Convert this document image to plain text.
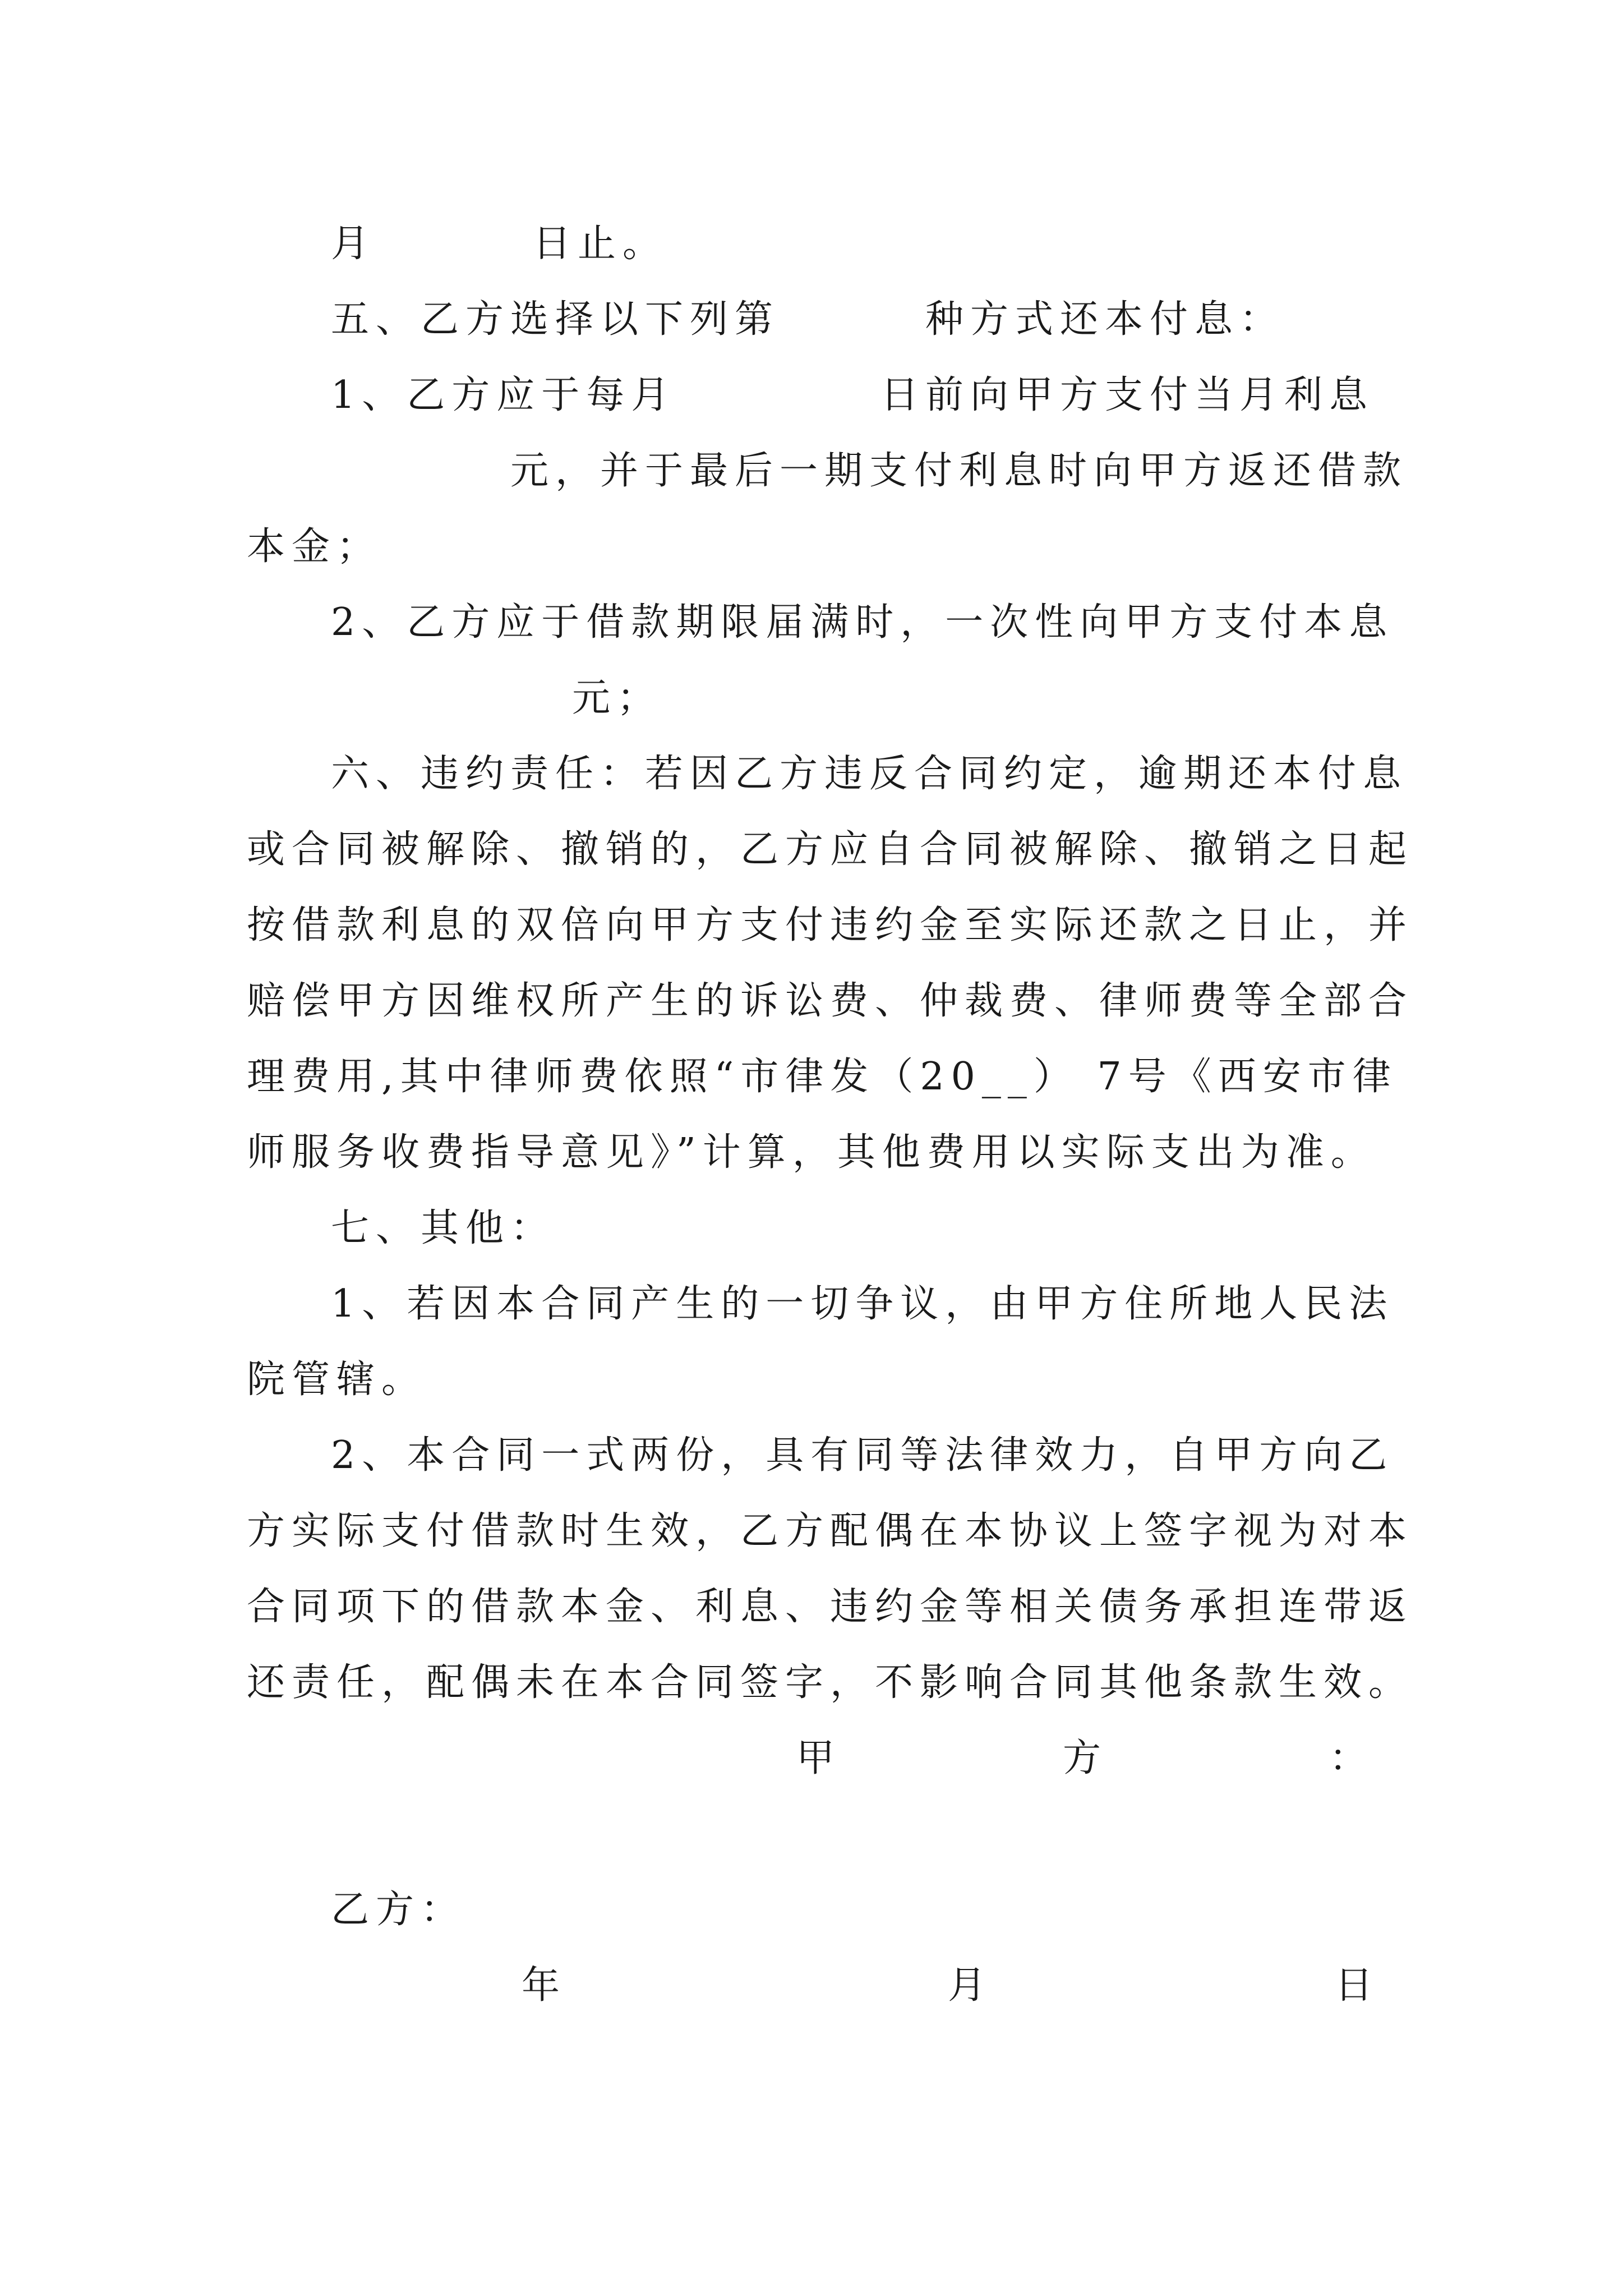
月	日止。
五、乙方选择以下列第	种方式还本付息：
1、乙方应于每月	日前向甲方支付当月利息
元，并于最后一期支付利息时向甲方返还借款
本金；
2、乙方应于借款期限届满时，一次性向甲方支付本息
元；
六、违约责任：若因乙方违反合同约定，逾期还本付息
或合同被解除、撤销的，乙方应自合同被解除、撤销之日起
按借款利息的双倍向甲方支付违约金至实际还款之日止，并
赔偿甲方因维权所产生的诉讼费、仲裁费、律师费等全部合
理费用,其中律师费依照“市律发（20__） 7号《西安市律
师服务收费指导意见》”计算，其他费用以实际支出为准。
七、其他：
1、若因本合同产生的一切争议，由甲方住所地人民法
院管辖。
2、本合同一式两份，具有同等法律效力，自甲方向乙
方实际支付借款时生效，乙方配偶在本协议上签字视为对本
合同项下的借款本金、利息、违约金等相关债务承担连带返
还责任，配偶未在本合同签字，不影响合同其他条款生效。
甲	方	：
乙方：
年	月	日
